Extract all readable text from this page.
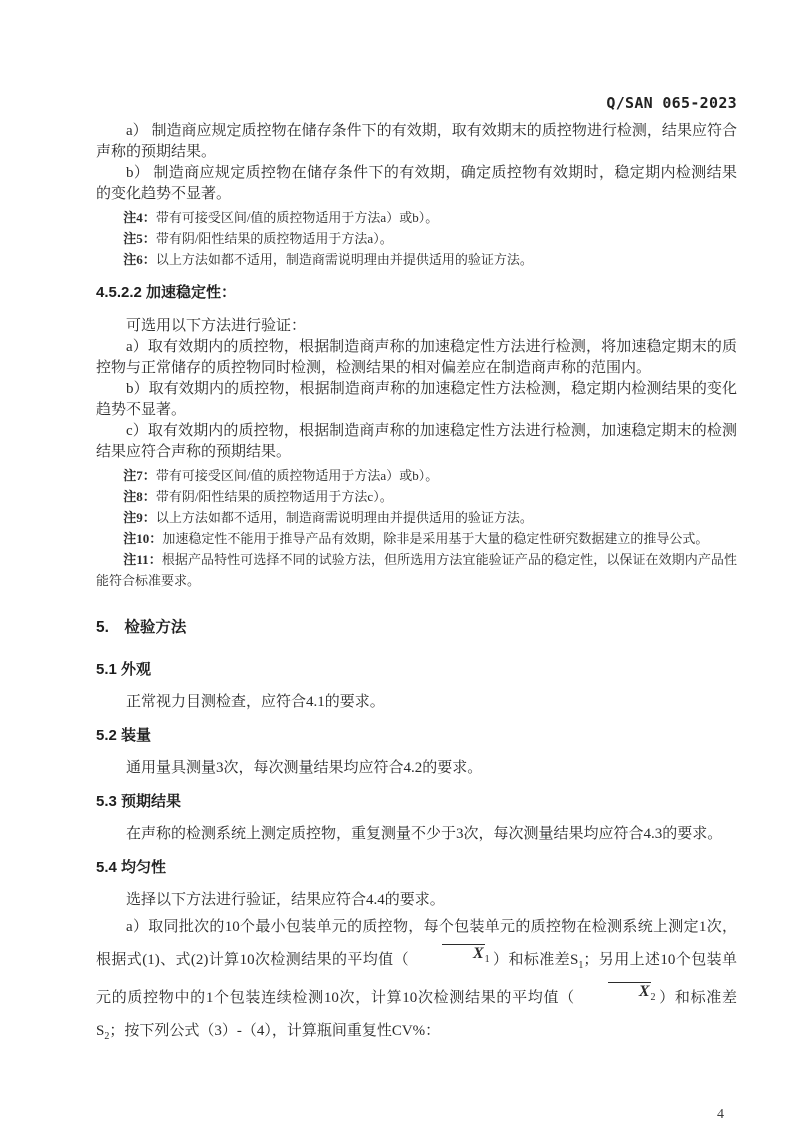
Q/SAN 065-2023

a） 制造商应规定质控物在储存条件下的有效期，取有效期末的质控物进行检测，结果应符合声称的预期结果。

b） 制造商应规定质控物在储存条件下的有效期，确定质控物有效期时，稳定期内检测结果的变化趋势不显著。

注4：带有可接受区间/值的质控物适用于方法a）或b）。

注5：带有阴/阳性结果的质控物适用于方法a）。

注6：以上方法如都不适用，制造商需说明理由并提供适用的验证方法。

4.5.2.2 加速稳定性：

可选用以下方法进行验证：

a）取有效期内的质控物，根据制造商声称的加速稳定性方法进行检测，将加速稳定期末的质控物与正常储存的质控物同时检测，检测结果的相对偏差应在制造商声称的范围内。

b）取有效期内的质控物，根据制造商声称的加速稳定性方法检测，稳定期内检测结果的变化趋势不显著。

c）取有效期内的质控物，根据制造商声称的加速稳定性方法进行检测，加速稳定期末的检测结果应符合声称的预期结果。

注7：带有可接受区间/值的质控物适用于方法a）或b）。

注8：带有阴/阳性结果的质控物适用于方法c）。

注9：以上方法如都不适用，制造商需说明理由并提供适用的验证方法。

注10：加速稳定性不能用于推导产品有效期，除非是采用基于大量的稳定性研究数据建立的推导公式。

注11：根据产品特性可选择不同的试验方法，但所选用方法宜能验证产品的稳定性，以保证在效期内产品性能符合标准要求。

5.　检验方法
5.1 外观

正常视力目测检查，应符合4.1的要求。

5.2 装量

通用量具测量3次，每次测量结果均应符合4.2的要求。

5.3 预期结果

在声称的检测系统上测定质控物，重复测量不少于3次，每次测量结果均应符合4.3的要求。

5.4 均匀性

选择以下方法进行验证，结果应符合4.4的要求。

a）取同批次的10个最小包装单元的质控物，每个包装单元的质控物在检测系统上测定1次，根据式(1)、式(2)计算10次检测结果的平均值（	$X_1$ ）和标准差$S_1$；另用上述10个包装单元的质控物中的1个包装连续检测10次，计算10次检测结果的平均值（	$X_2$ ）和标准差$S_2$；按下列公式（3）-（4），计算瓶间重复性CV%：

4
